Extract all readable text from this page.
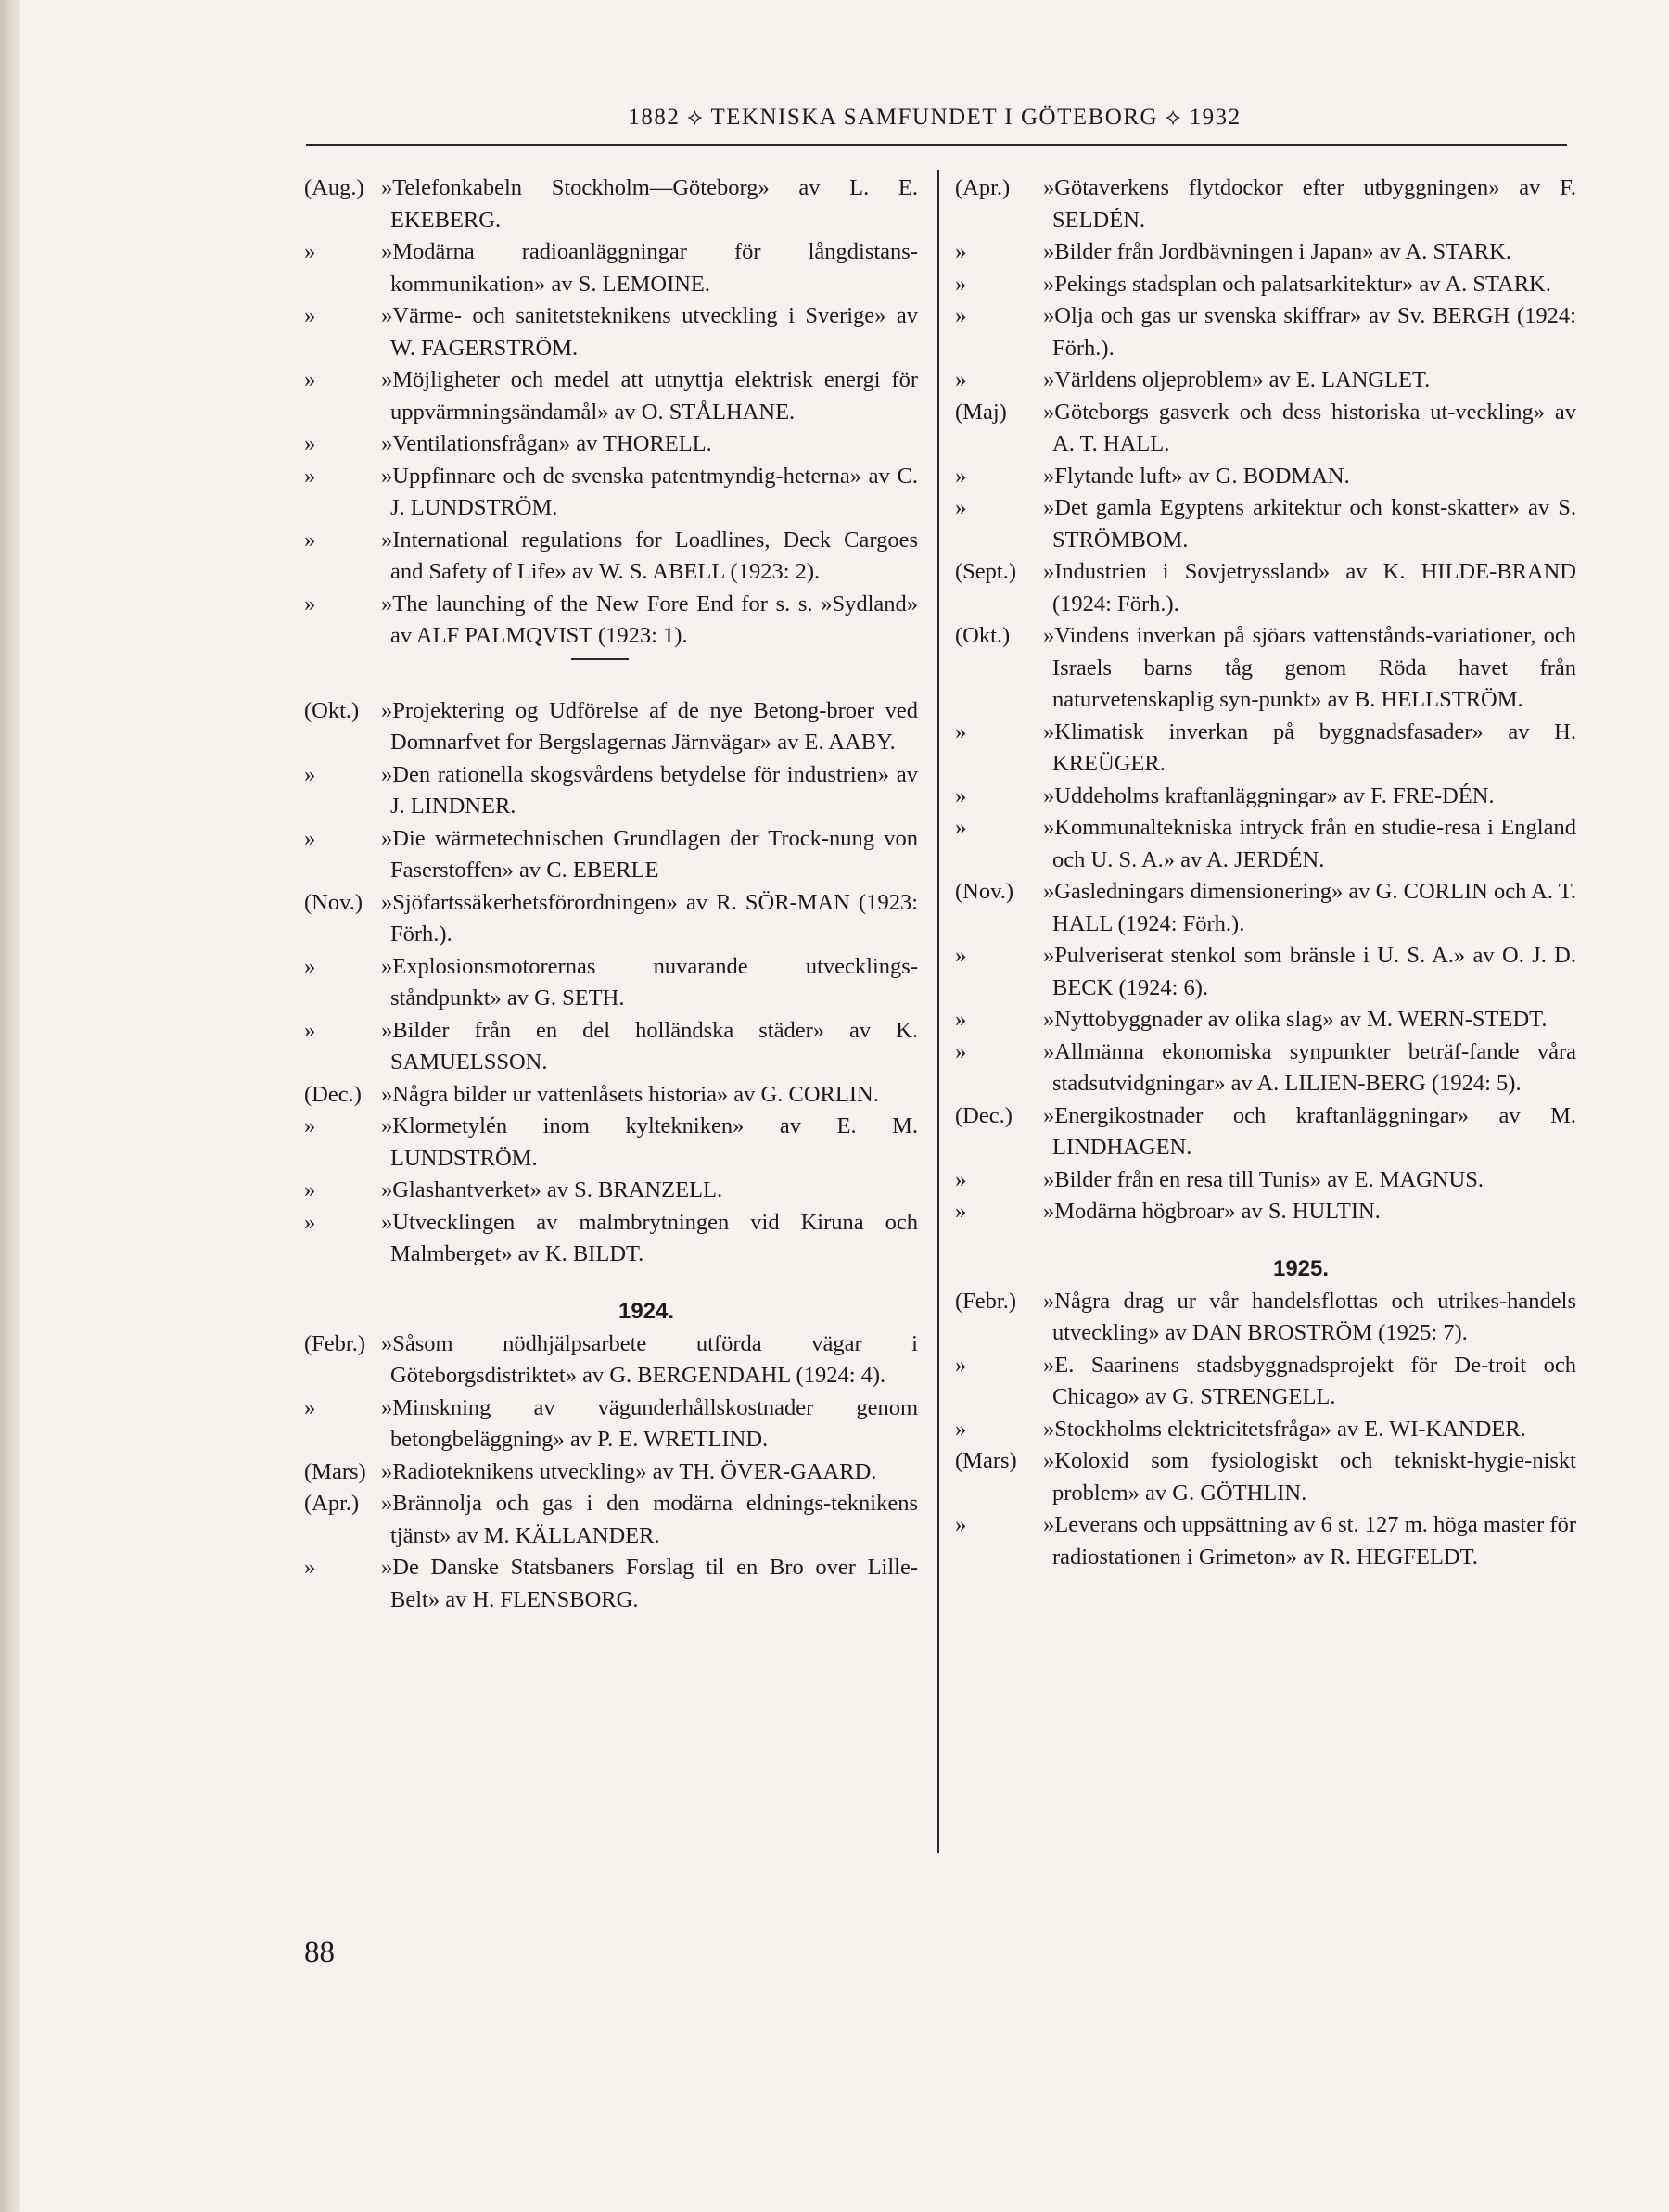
1882 ⟡ TEKNISKA SAMFUNDET I GÖTEBORG ⟡ 1932
(Aug.) »Telefonkabeln Stockholm—Göteborg» av L. E. EKEBERG.
»	»Modärna radioanläggningar för långdistans-kommunikation» av S. LEMOINE.
»	»Värme- och sanitetsteknikens utveckling i Sverige» av W. FAGERSTRÖM.
»	»Möjligheter och medel att utnyttja elektrisk energi för uppvärmningsändamål» av O. STÅLHANE.
»	»Ventilationsfrågan» av THORELL.
»	»Uppfinnare och de svenska patentmyndig-heterna» av C. J. LUNDSTRÖM.
»	»International regulations for Loadlines, Deck Cargoes and Safety of Life» av W. S. ABELL (1923: 2).
»	»The launching of the New Fore End for s. s. »Sydland» av ALF PALMQVIST (1923: 1).
(Okt.) »Projektering og Udförelse af de nye Betong-broer ved Domnarfvet for Bergslagernas Järnvägar» av E. AABY.
»	»Den rationella skogsvårdens betydelse för industrien» av J. LINDNER.
»	»Die wärmetechnischen Grundlagen der Trock-nung von Faserstoffen» av C. EBERLE
(Nov.) »Sjöfartssäkerhetsförordningen» av R. SÖR-MAN (1923: Förh.).
»	»Explosionsmotorernas nuvarande utvecklings-ståndpunkt» av G. SETH.
»	»Bilder från en del holländska städer» av K. SAMUELSSON.
(Dec.) »Några bilder ur vattenlåsets historia» av G. CORLIN.
»	»Klormetylén inom kyltekniken» av E. M. LUNDSTRÖM.
»	»Glashantverket» av S. BRANZELL.
»	»Utvecklingen av malmbrytningen vid Kiruna och Malmberget» av K. BILDT.
1924.
(Febr.) »Såsom nödhjälpsarbete utförda vägar i Göteborgsdistriktet» av G. BERGENDAHL (1924: 4).
»	»Minskning av vägunderhållskostnader genom betongbeläggning» av P. E. WRETLIND.
(Mars) »Radioteknikens utveckling» av TH. ÖVER-GAARD.
(Apr.) »Brännolja och gas i den modärna eldnings-teknikens tjänst» av M. KÄLLANDER.
»	»De Danske Statsbaners Forslag til en Bro over Lille-Belt» av H. FLENSBORG.
(Apr.) »Götaverkens flytdockor efter utbyggningen» av F. SELDÉN.
»	»Bilder från Jordbävningen i Japan» av A. STARK.
»	»Pekings stadsplan och palatsarkitektur» av A. STARK.
»	»Olja och gas ur svenska skiffrar» av Sv. BERGH (1924: Förh.).
»	»Världens oljeproblem» av E. LANGLET.
(Maj) »Göteborgs gasverk och dess historiska ut-veckling» av A. T. HALL.
»	»Flytande luft» av G. BODMAN.
»	»Det gamla Egyptens arkitektur och konst-skatter» av S. STRÖMBOM.
(Sept.) »Industrien i Sovjetryssland» av K. HILDE-BRAND (1924: Förh.).
(Okt.) »Vindens inverkan på sjöars vattenstånds-variationer, och Israels barns tåg genom Röda havet från naturvetenskaplig syn-punkt» av B. HELLSTRÖM.
»	»Klimatisk inverkan på byggnadsfasader» av H. KREÜGER.
»	»Uddeholms kraftanläggningar» av F. FRE-DÉN.
»	»Kommunaltekniska intryck från en studie-resa i England och U. S. A.» av A. JERDÉN.
(Nov.) »Gasledningars dimensionering» av G. CORLIN och A. T. HALL (1924: Förh.).
»	»Pulveriserat stenkol som bränsle i U. S. A.» av O. J. D. BECK (1924: 6).
»	»Nyttobyggnader av olika slag» av M. WERN-STEDT.
»	»Allmänna ekonomiska synpunkter beträf-fande våra stadsutvidgningar» av A. LILIEN-BERG (1924: 5).
(Dec.) »Energikostnader och kraftanläggningar» av M. LINDHAGEN.
»	»Bilder från en resa till Tunis» av E. MAGNUS.
»	»Modärna högbroar» av S. HULTIN.
1925.
(Febr.) »Några drag ur vår handelsflottas och utrikes-handels utveckling» av DAN BROSTRÖM (1925: 7).
»	»E. Saarinens stadsbyggnadsprojekt för De-troit och Chicago» av G. STRENGELL.
»	»Stockholms elektricitetsfråga» av E. WI-KANDER.
(Mars) »Koloxid som fysiologiskt och tekniskt-hygie-niskt problem» av G. GÖTHLIN.
»	»Leverans och uppsättning av 6 st. 127 m. höga master för radiostationen i Grimeton» av R. HEGFELDT.
88
